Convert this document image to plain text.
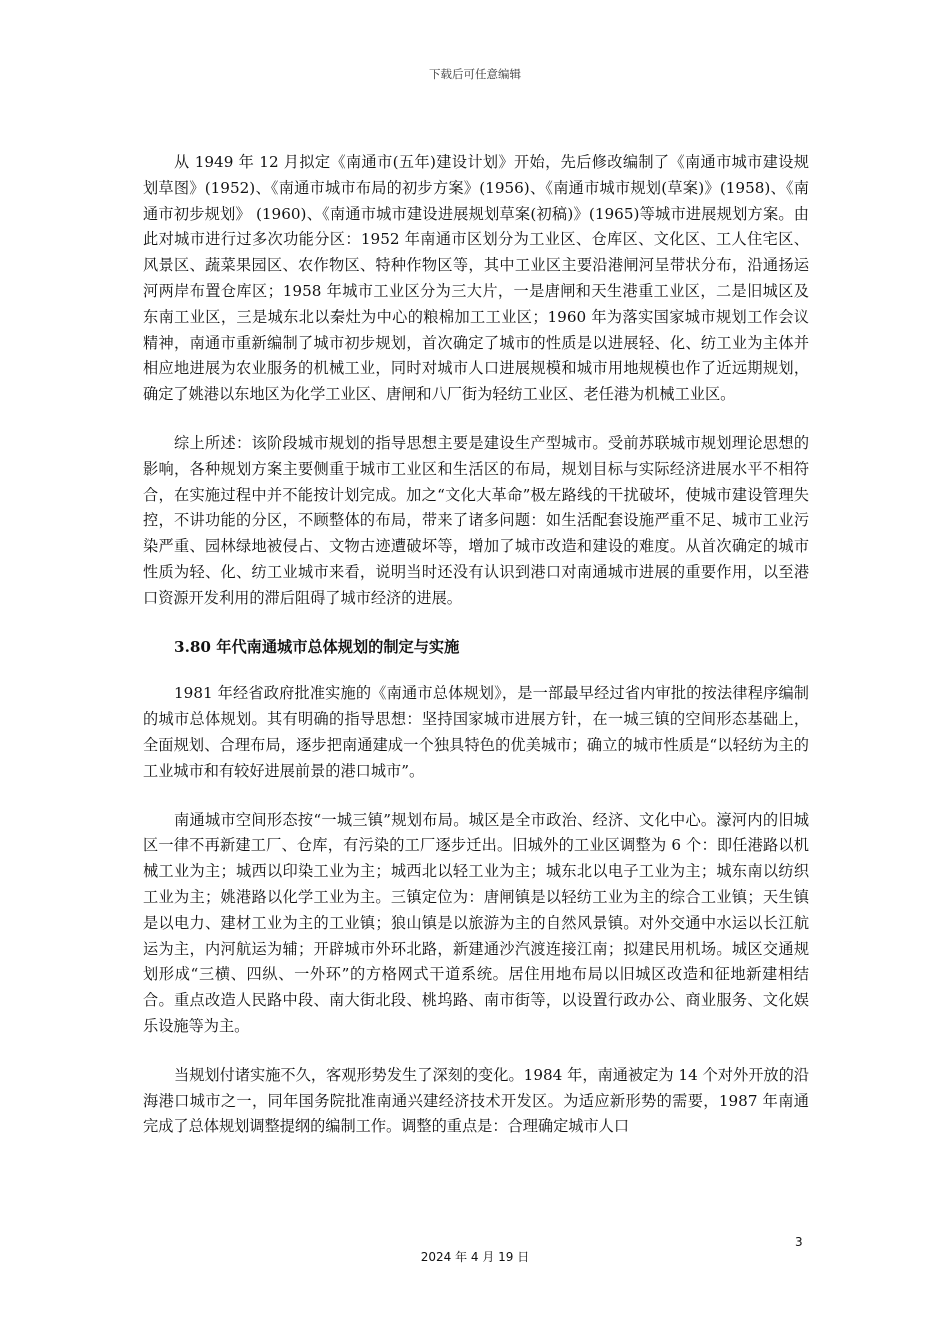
下载后可任意编辑

从 1949 年 12 月拟定《南通市(五年)建设计划》开始，先后修改编制了《南通市城市建设规划草图》(1952)、《南通市城市布局的初步方案》(1956)、《南通市城市规划(草案)》(1958)、《南通市初步规划》 (1960)、《南通市城市建设进展规划草案(初稿)》(1965)等城市进展规划方案。由此对城市进行过多次功能分区：1952 年南通市区划分为工业区、仓库区、文化区、工人住宅区、风景区、蔬菜果园区、农作物区、特种作物区等，其中工业区主要沿港闸河呈带状分布，沿通扬运河两岸布置仓库区；1958 年城市工业区分为三大片，一是唐闸和天生港重工业区，二是旧城区及东南工业区，三是城东北以秦灶为中心的粮棉加工工业区；1960 年为落实国家城市规划工作会议精神，南通市重新编制了城市初步规划，首次确定了城市的性质是以进展轻、化、纺工业为主体并相应地进展为农业服务的机械工业，同时对城市人口进展规模和城市用地规模也作了近远期规划，确定了姚港以东地区为化学工业区、唐闸和八厂街为轻纺工业区、老任港为机械工业区。

综上所述：该阶段城市规划的指导思想主要是建设生产型城市。受前苏联城市规划理论思想的影响，各种规划方案主要侧重于城市工业区和生活区的布局，规划目标与实际经济进展水平不相符合，在实施过程中并不能按计划完成。加之“文化大革命”极左路线的干扰破坏，使城市建设管理失控，不讲功能的分区，不顾整体的布局，带来了诸多问题：如生活配套设施严重不足、城市工业污染严重、园林绿地被侵占、文物古迹遭破坏等，增加了城市改造和建设的难度。从首次确定的城市性质为轻、化、纺工业城市来看，说明当时还没有认识到港口对南通城市进展的重要作用，以至港口资源开发利用的滞后阻碍了城市经济的进展。

3.80 年代南通城市总体规划的制定与实施

1981 年经省政府批准实施的《南通市总体规划》，是一部最早经过省内审批的按法律程序编制的城市总体规划。其有明确的指导思想：坚持国家城市进展方针，在一城三镇的空间形态基础上，全面规划、合理布局，逐步把南通建成一个独具特色的优美城市；确立的城市性质是“以轻纺为主的工业城市和有较好进展前景的港口城市”。

南通城市空间形态按“一城三镇”规划布局。城区是全市政治、经济、文化中心。濠河内的旧城区一律不再新建工厂、仓库，有污染的工厂逐步迁出。旧城外的工业区调整为 6 个：即任港路以机械工业为主；城西以印染工业为主；城西北以轻工业为主；城东北以电子工业为主；城东南以纺织工业为主；姚港路以化学工业为主。三镇定位为：唐闸镇是以轻纺工业为主的综合工业镇；天生镇是以电力、建材工业为主的工业镇；狼山镇是以旅游为主的自然风景镇。对外交通中水运以长江航运为主，内河航运为辅；开辟城市外环北路，新建通沙汽渡连接江南；拟建民用机场。城区交通规划形成“三横、四纵、一外环”的方格网式干道系统。居住用地布局以旧城区改造和征地新建相结合。重点改造人民路中段、南大街北段、桃坞路、南市街等，以设置行政办公、商业服务、文化娱乐设施等为主。

当规划付诸实施不久，客观形势发生了深刻的变化。1984 年，南通被定为 14 个对外开放的沿海港口城市之一，同年国务院批准南通兴建经济技术开发区。为适应新形势的需要，1987 年南通完成了总体规划调整提纲的编制工作。调整的重点是：合理确定城市人口

3
2024 年 4 月 19 日
